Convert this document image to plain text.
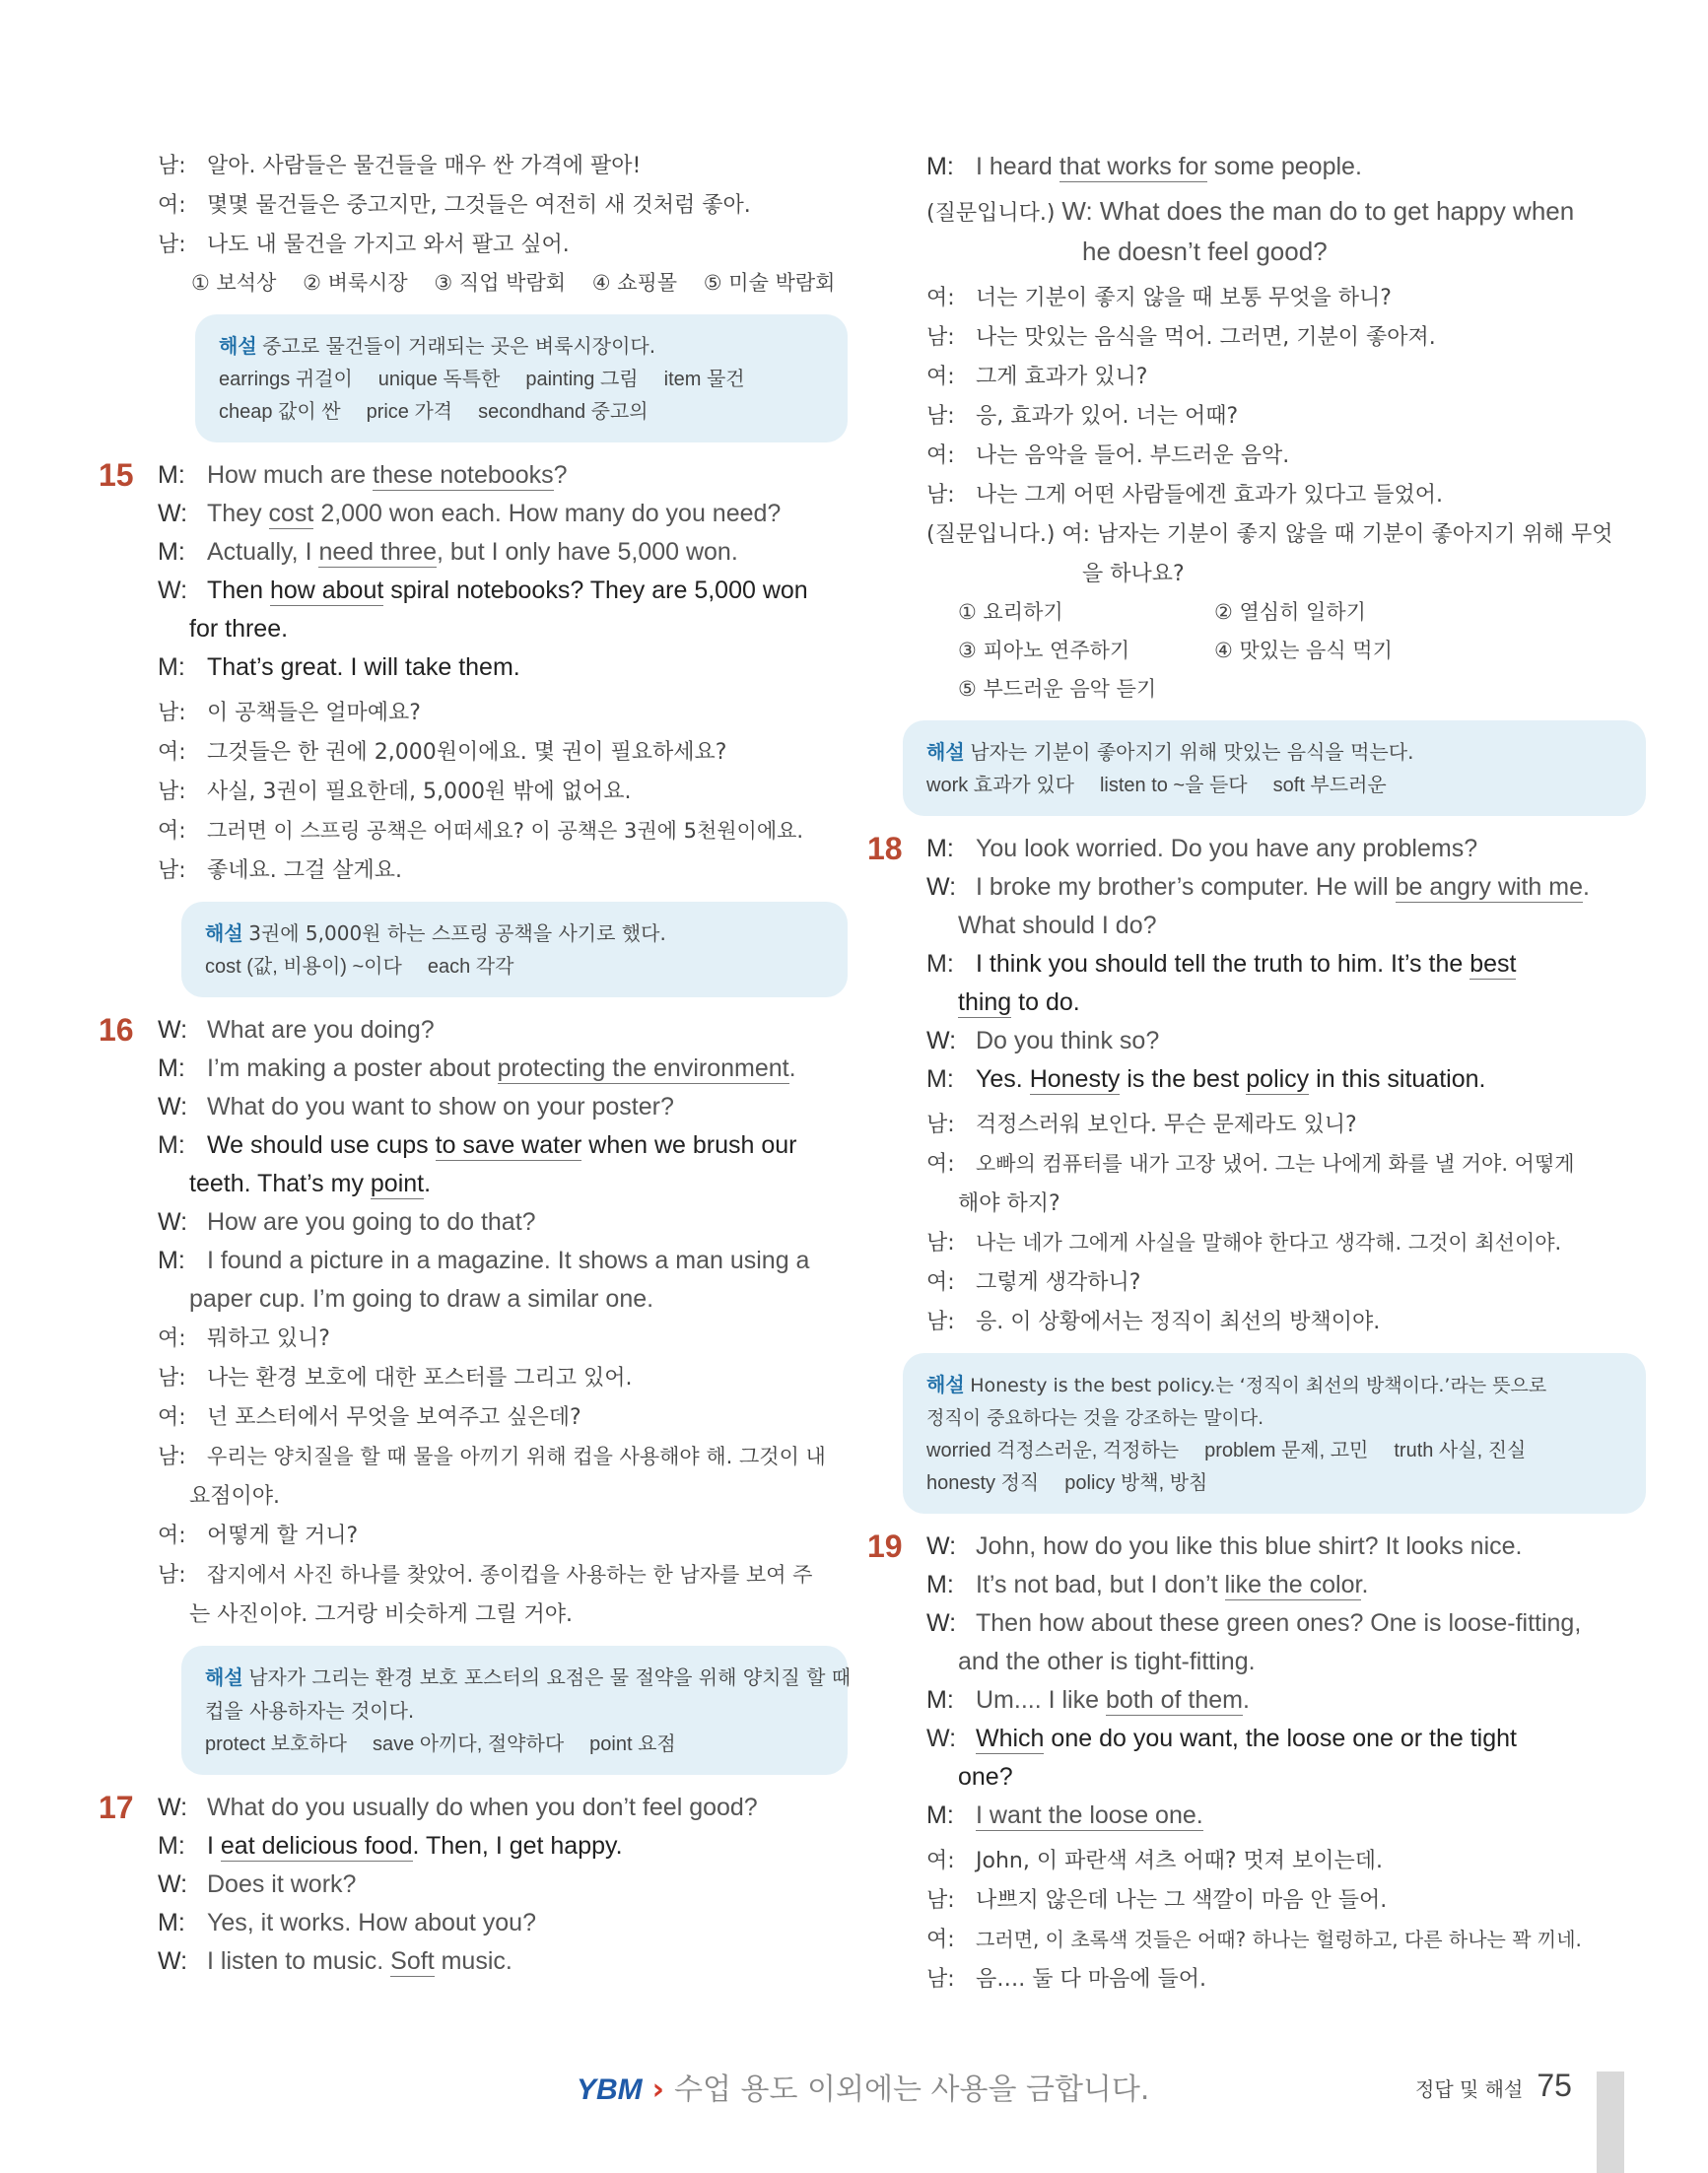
남: 알아. 사람들은 물건들을 매우 싼 가격에 팔아!
여: 몇몇 물건들은 중고지만, 그것들은 여전히 새 것처럼 좋아.
남: 나도 내 물건을 가지고 와서 팔고 싶어.
① 보석상 ② 벼룩시장 ③ 직업 박람회 ④ 쇼핑몰 ⑤ 미술 박람회
해설 중고로 물건들이 거래되는 곳은 벼룩시장이다.
earrings 귀걸이 unique 독특한 painting 그림 item 물건
cheap 값이 싼 price 가격 secondhand 중고의
15 M: How much are these notebooks?
W: They cost 2,000 won each. How many do you need?
M: Actually, I need three, but I only have 5,000 won.
W: Then how about spiral notebooks? They are 5,000 won
for three.
M: That’s great. I will take them.
남: 이 공책들은 얼마예요?
여: 그것들은 한 권에 2,000원이에요. 몇 권이 필요하세요?
남: 사실, 3권이 필요한데, 5,000원 밖에 없어요.
여: 그러면 이 스프링 공책은 어떠세요? 이 공책은 3권에 5천원이에요.
남: 좋네요. 그걸 살게요.
해설 3권에 5,000원 하는 스프링 공책을 사기로 했다.
cost (값, 비용이) ~이다 each 각각
16 W: What are you doing?
M: I’m making a poster about protecting the environment.
W: What do you want to show on your poster?
M: We should use cups to save water when we brush our
teeth. That’s my point.
W: How are you going to do that?
M: I found a picture in a magazine. It shows a man using a
paper cup. I’m going to draw a similar one.
여: 뭐하고 있니?
남: 나는 환경 보호에 대한 포스터를 그리고 있어.
여: 넌 포스터에서 무엇을 보여주고 싶은데?
남: 우리는 양치질을 할 때 물을 아끼기 위해 컵을 사용해야 해. 그것이 내
요점이야.
여: 어떻게 할 거니?
남: 잡지에서 사진 하나를 찾았어. 종이컵을 사용하는 한 남자를 보여 주
는 사진이야. 그거랑 비슷하게 그릴 거야.
해설 남자가 그리는 환경 보호 포스터의 요점은 물 절약을 위해 양치질 할 때
컵을 사용하자는 것이다.
protect 보호하다 save 아끼다, 절약하다 point 요점
17 W: What do you usually do when you don’t feel good?
M: I eat delicious food. Then, I get happy.
W: Does it work?
M: Yes, it works. How about you?
W: I listen to music. Soft music.
M: I heard that works for some people.
(질문입니다.) W: What does the man do to get happy when
he doesn’t feel good?
여: 너는 기분이 좋지 않을 때 보통 무엇을 하니?
남: 나는 맛있는 음식을 먹어. 그러면, 기분이 좋아져.
여: 그게 효과가 있니?
남: 응, 효과가 있어. 너는 어때?
여: 나는 음악을 들어. 부드러운 음악.
남: 나는 그게 어떤 사람들에겐 효과가 있다고 들었어.
(질문입니다.) 여: 남자는 기분이 좋지 않을 때 기분이 좋아지기 위해 무엇
을 하나요?
① 요리하기	② 열심히 일하기
③ 피아노 연주하기	④ 맛있는 음식 먹기
⑤ 부드러운 음악 듣기
해설 남자는 기분이 좋아지기 위해 맛있는 음식을 먹는다.
work 효과가 있다 listen to ~을 듣다 soft 부드러운
18 M: You look worried. Do you have any problems?
W: I broke my brother’s computer. He will be angry with me.
What should I do?
M: I think you should tell the truth to him. It’s the best
thing to do.
W: Do you think so?
M: Yes. Honesty is the best policy in this situation.
남: 걱정스러워 보인다. 무슨 문제라도 있니?
여: 오빠의 컴퓨터를 내가 고장 냈어. 그는 나에게 화를 낼 거야. 어떻게
해야 하지?
남: 나는 네가 그에게 사실을 말해야 한다고 생각해. 그것이 최선이야.
여: 그렇게 생각하니?
남: 응. 이 상황에서는 정직이 최선의 방책이야.
해설 Honesty is the best policy.는 ‘정직이 최선의 방책이다.’라는 뜻으로
정직이 중요하다는 것을 강조하는 말이다.
worried 걱정스러운, 걱정하는 problem 문제, 고민 truth 사실, 진실
honesty 정직 policy 방책, 방침
19 W: John, how do you like this blue shirt? It looks nice.
M: It’s not bad, but I don’t like the color.
W: Then how about these green ones? One is loose-fitting,
and the other is tight-fitting.
M: Um.... I like both of them.
W: Which one do you want, the loose one or the tight
one?
M: I want the loose one.
여: John, 이 파란색 셔츠 어때? 멋져 보이는데.
남: 나쁘지 않은데 나는 그 색깔이 마음 안 들어.
여: 그러면, 이 초록색 것들은 어때? 하나는 헐렁하고, 다른 하나는 꽉 끼네.
남: 음…. 둘 다 마음에 들어.
YBM › 수업 용도 이외에는 사용을 금합니다.	정답 및 해설 75
